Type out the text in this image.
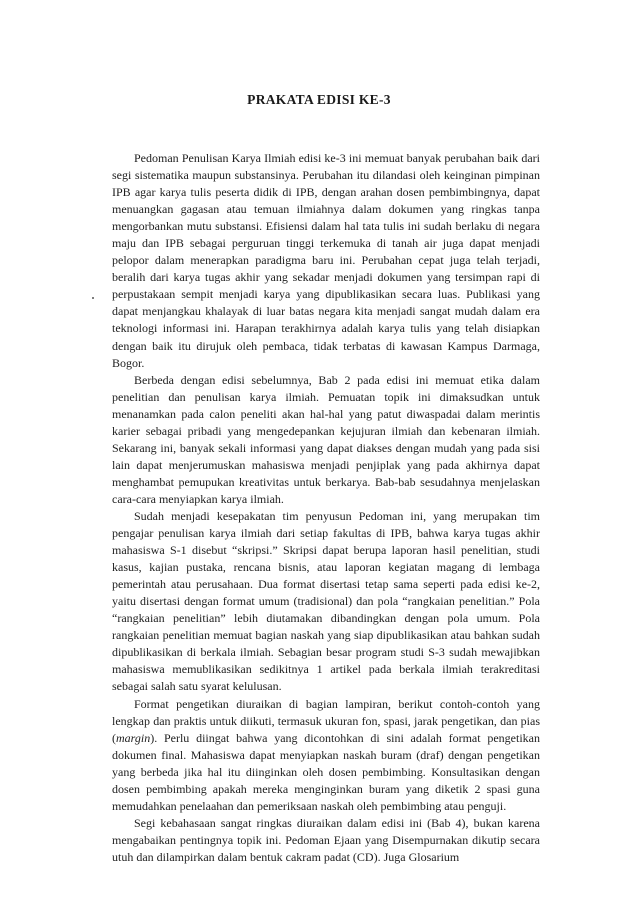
PRAKATA EDISI KE-3

Pedoman Penulisan Karya Ilmiah edisi ke-3 ini memuat banyak perubahan baik dari segi sistematika maupun substansinya. Perubahan itu dilandasi oleh keinginan pimpinan IPB agar karya tulis peserta didik di IPB, dengan arahan dosen pembimbingnya, dapat menuangkan gagasan atau temuan ilmiahnya dalam dokumen yang ringkas tanpa mengorbankan mutu substansi. Efisiensi dalam hal tata tulis ini sudah berlaku di negara maju dan IPB sebagai perguruan tinggi terkemuka di tanah air juga dapat menjadi pelopor dalam menerapkan paradigma baru ini. Perubahan cepat juga telah terjadi, beralih dari karya tugas akhir yang sekadar menjadi dokumen yang tersimpan rapi di perpustakaan sempit menjadi karya yang dipublikasikan secara luas. Publikasi yang dapat menjangkau khalayak di luar batas negara kita menjadi sangat mudah dalam era teknologi informasi ini. Harapan terakhirnya adalah karya tulis yang telah disiapkan dengan baik itu dirujuk oleh pembaca, tidak terbatas di kawasan Kampus Darmaga, Bogor.

Berbeda dengan edisi sebelumnya, Bab 2 pada edisi ini memuat etika dalam penelitian dan penulisan karya ilmiah. Pemuatan topik ini dimaksudkan untuk menanamkan pada calon peneliti akan hal-hal yang patut diwaspadai dalam merintis karier sebagai pribadi yang mengedepankan kejujuran ilmiah dan kebenaran ilmiah. Sekarang ini, banyak sekali informasi yang dapat diakses dengan mudah yang pada sisi lain dapat menjerumuskan mahasiswa menjadi penjiplak yang pada akhirnya dapat menghambat pemupukan kreativitas untuk berkarya. Bab-bab sesudahnya menjelaskan cara-cara menyiapkan karya ilmiah.

Sudah menjadi kesepakatan tim penyusun Pedoman ini, yang merupakan tim pengajar penulisan karya ilmiah dari setiap fakultas di IPB, bahwa karya tugas akhir mahasiswa S-1 disebut “skripsi.” Skripsi dapat berupa laporan hasil penelitian, studi kasus, kajian pustaka, rencana bisnis, atau laporan kegiatan magang di lembaga pemerintah atau perusahaan. Dua format disertasi tetap sama seperti pada edisi ke-2, yaitu disertasi dengan format umum (tradisional) dan pola “rangkaian penelitian.” Pola “rangkaian penelitian” lebih diutamakan dibandingkan dengan pola umum. Pola rangkaian penelitian memuat bagian naskah yang siap dipublikasikan atau bahkan sudah dipublikasikan di berkala ilmiah. Sebagian besar program studi S-3 sudah mewajibkan mahasiswa memublikasikan sedikitnya 1 artikel pada berkala ilmiah terakreditasi sebagai salah satu syarat kelulusan.

Format pengetikan diuraikan di bagian lampiran, berikut contoh-contoh yang lengkap dan praktis untuk diikuti, termasuk ukuran fon, spasi, jarak pengetikan, dan pias (margin). Perlu diingat bahwa yang dicontohkan di sini adalah format pengetikan dokumen final. Mahasiswa dapat menyiapkan naskah buram (draf) dengan pengetikan yang berbeda jika hal itu diinginkan oleh dosen pembimbing. Konsultasikan dengan dosen pembimbing apakah mereka menginginkan buram yang diketik 2 spasi guna memudahkan penelaahan dan pemeriksaan naskah oleh pembimbing atau penguji.

Segi kebahasaan sangat ringkas diuraikan dalam edisi ini (Bab 4), bukan karena mengabaikan pentingnya topik ini. Pedoman Ejaan yang Disempurnakan dikutip secara utuh dan dilampirkan dalam bentuk cakram padat (CD). Juga Glosarium
